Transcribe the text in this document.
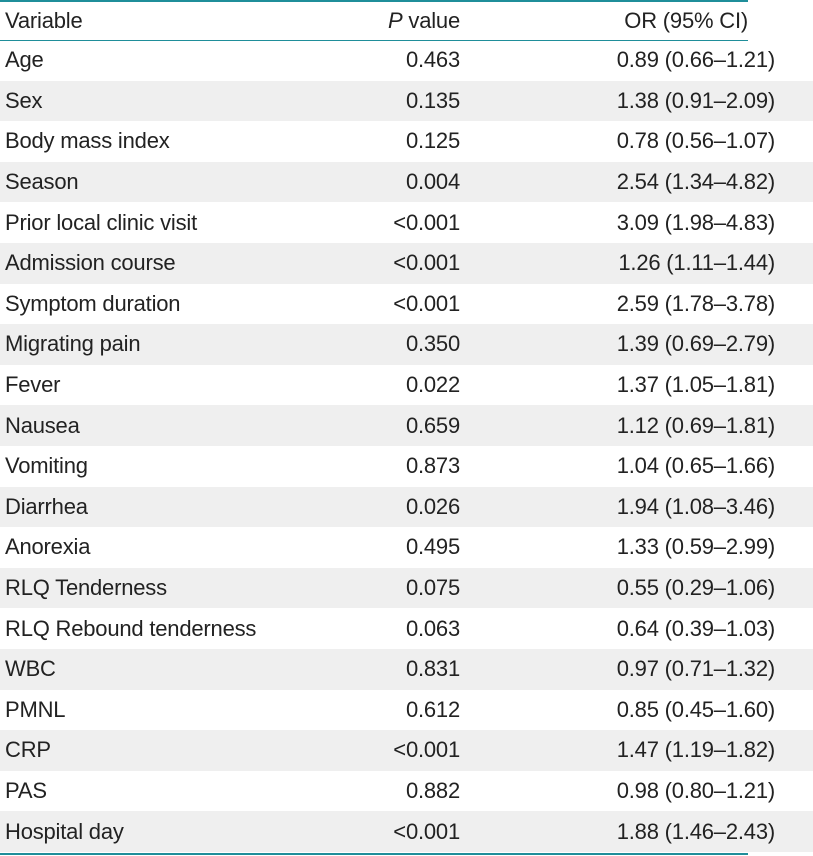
Variable	P value	OR (95% CI)
Age	0.463	0.89 (0.66–1.21)
Sex	0.135	1.38 (0.91–2.09)
Body mass index	0.125	0.78 (0.56–1.07)
Season	0.004	2.54 (1.34–4.82)
Prior local clinic visit	<0.001	3.09 (1.98–4.83)
Admission course	<0.001	1.26 (1.11–1.44)
Symptom duration	<0.001	2.59 (1.78–3.78)
Migrating pain	0.350	1.39 (0.69–2.79)
Fever	0.022	1.37 (1.05–1.81)
Nausea	0.659	1.12 (0.69–1.81)
Vomiting	0.873	1.04 (0.65–1.66)
Diarrhea	0.026	1.94 (1.08–3.46)
Anorexia	0.495	1.33 (0.59–2.99)
RLQ Tenderness	0.075	0.55 (0.29–1.06)
RLQ Rebound tenderness	0.063	0.64 (0.39–1.03)
WBC	0.831	0.97 (0.71–1.32)
PMNL	0.612	0.85 (0.45–1.60)
CRP	<0.001	1.47 (1.19–1.82)
PAS	0.882	0.98 (0.80–1.21)
Hospital day	<0.001	1.88 (1.46–2.43)
